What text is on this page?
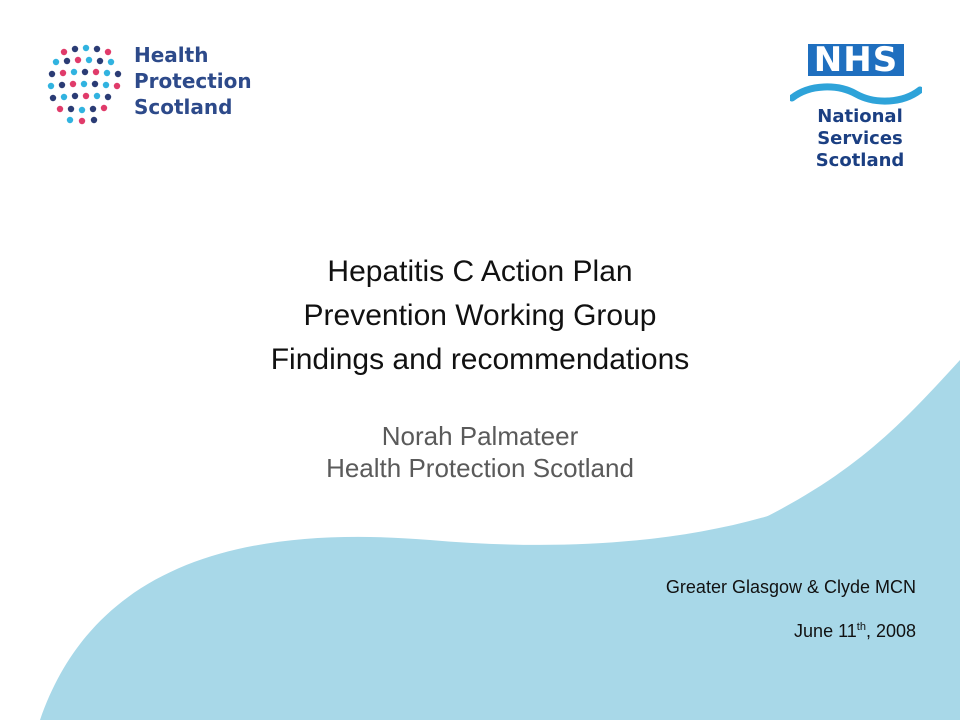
Health
Protection
Scotland
NHS
National
Services
Scotland
Hepatitis C Action Plan
Prevention Working Group
Findings and recommendations
Norah Palmateer
Health Protection Scotland
Greater Glasgow & Clyde MCN
June 11th, 2008
